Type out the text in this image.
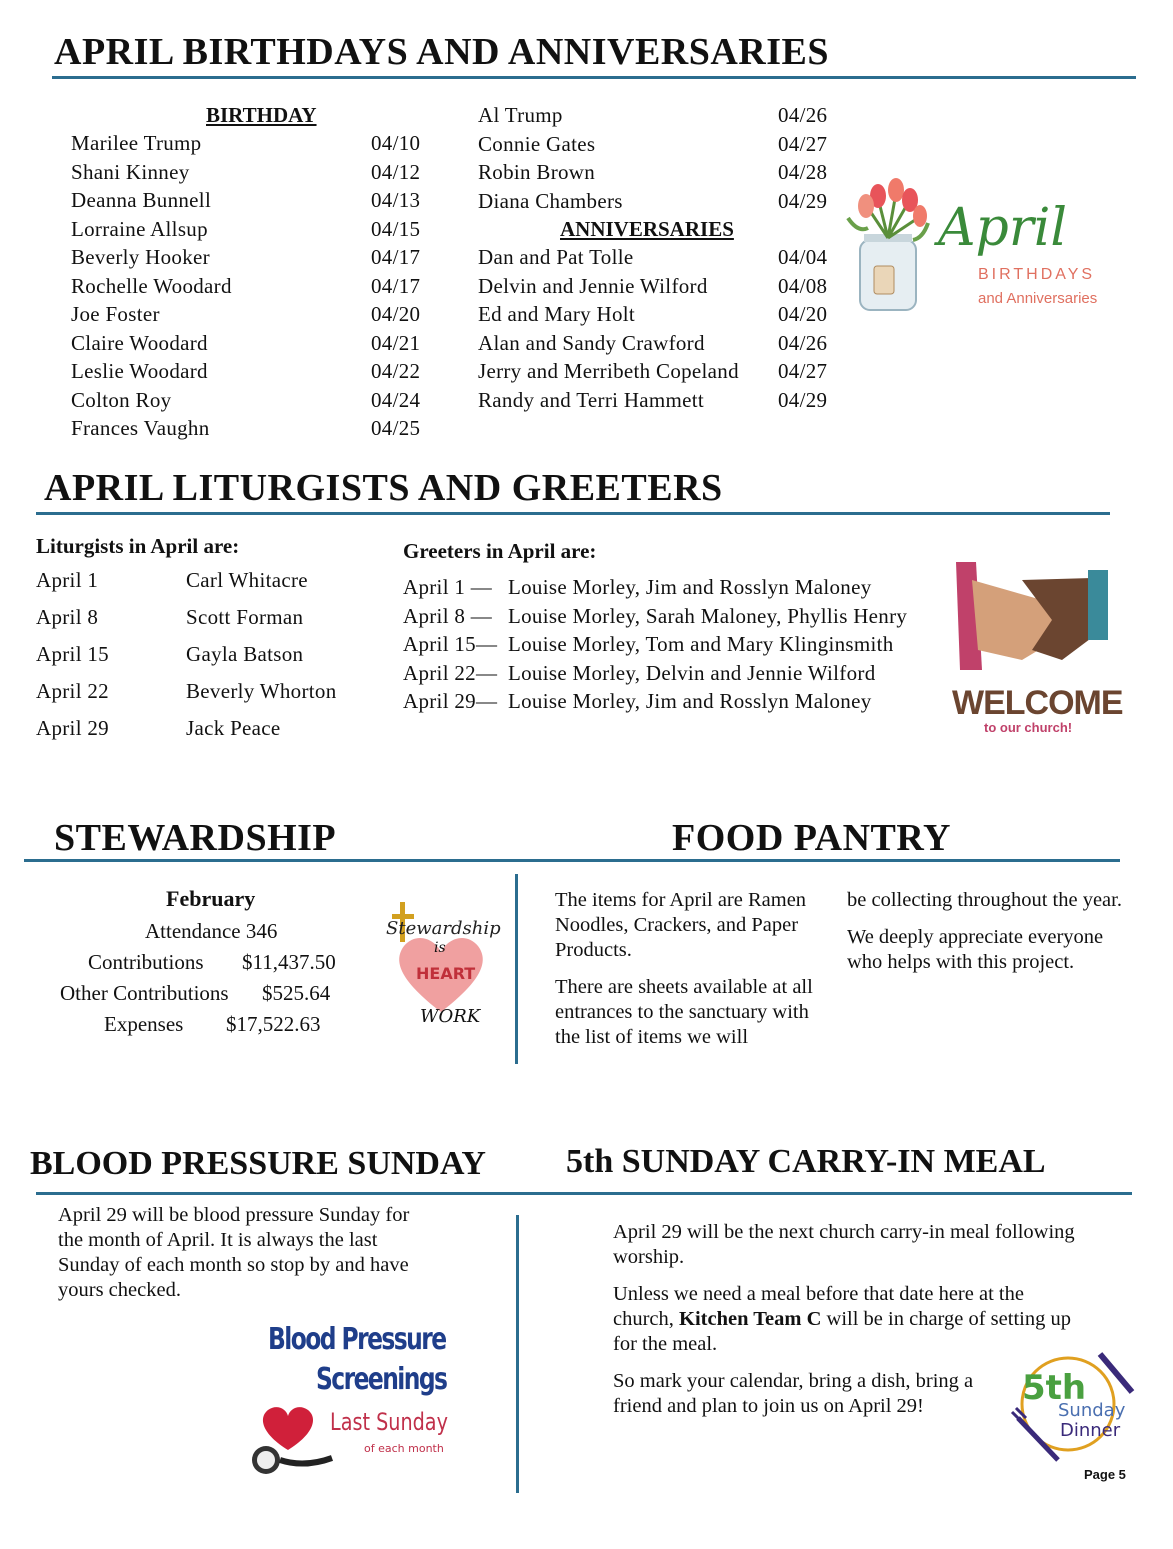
APRIL BIRTHDAYS AND ANNIVERSARIES
BIRTHDAY
Marilee Trump	04/10
Shani Kinney	04/12
Deanna Bunnell	04/13
Lorraine Allsup	04/15
Beverly Hooker	04/17
Rochelle Woodard	04/17
Joe Foster	04/20
Claire Woodard	04/21
Leslie Woodard	04/22
Colton Roy	04/24
Frances Vaughn	04/25
Al Trump	04/26
Connie Gates	04/27
Robin Brown	04/28
Diana Chambers	04/29
ANNIVERSARIES
Dan and Pat Tolle	04/04
Delvin and Jennie Wilford	04/08
Ed and Mary Holt	04/20
Alan and Sandy Crawford	04/26
Jerry and Merribeth Copeland 04/27
Randy and Terri Hammett	04/29
April
BIRTHDAYS
and Anniversaries
APRIL LITURGISTS AND GREETERS
Liturgists in April are:
April 1	Carl Whitacre
April 8	Scott Forman
April 15	Gayla Batson
April 22	Beverly Whorton
April 29	Jack Peace
Greeters in April are:
April 1 — Louise Morley, Jim and Rosslyn Maloney
April 8 — Louise Morley, Sarah Maloney, Phyllis Henry
April 15— Louise Morley, Tom and Mary Klinginsmith
April 22— Louise Morley, Delvin and Jennie Wilford
April 29— Louise Morley, Jim and Rosslyn Maloney WELCOME
to our church!
STEWARDSHIP	FOOD PANTRY
February
Attendance 346
Contributions $11,437.50
Other Contributions $525.64
Expenses $17,522.63
Stewardship
is
HEART
WORK

The items for April are Ramen Noodles, Crackers, and Paper Products.

There are sheets available at all entrances to the sanctuary with the list of items we will

be collecting throughout the year.

We deeply appreciate everyone who helps with this project.

BLOOD PRESSURE SUNDAY 5th SUNDAY CARRY-IN MEAL
April 29 will be blood pressure Sunday for the month of April. It is always the last Sunday of each month so stop by and have yours checked.
Blood Pressure
Screenings
Last Sunday
of each month

April 29 will be the next church carry-in meal following worship.

Unless we need a meal before that date here at the church, Kitchen Team C will be in charge of setting up for the meal.

So mark your calendar, bring a dish, bring a friend and plan to join us on April 29!	5th
Sunday
Dinner
Page 5
